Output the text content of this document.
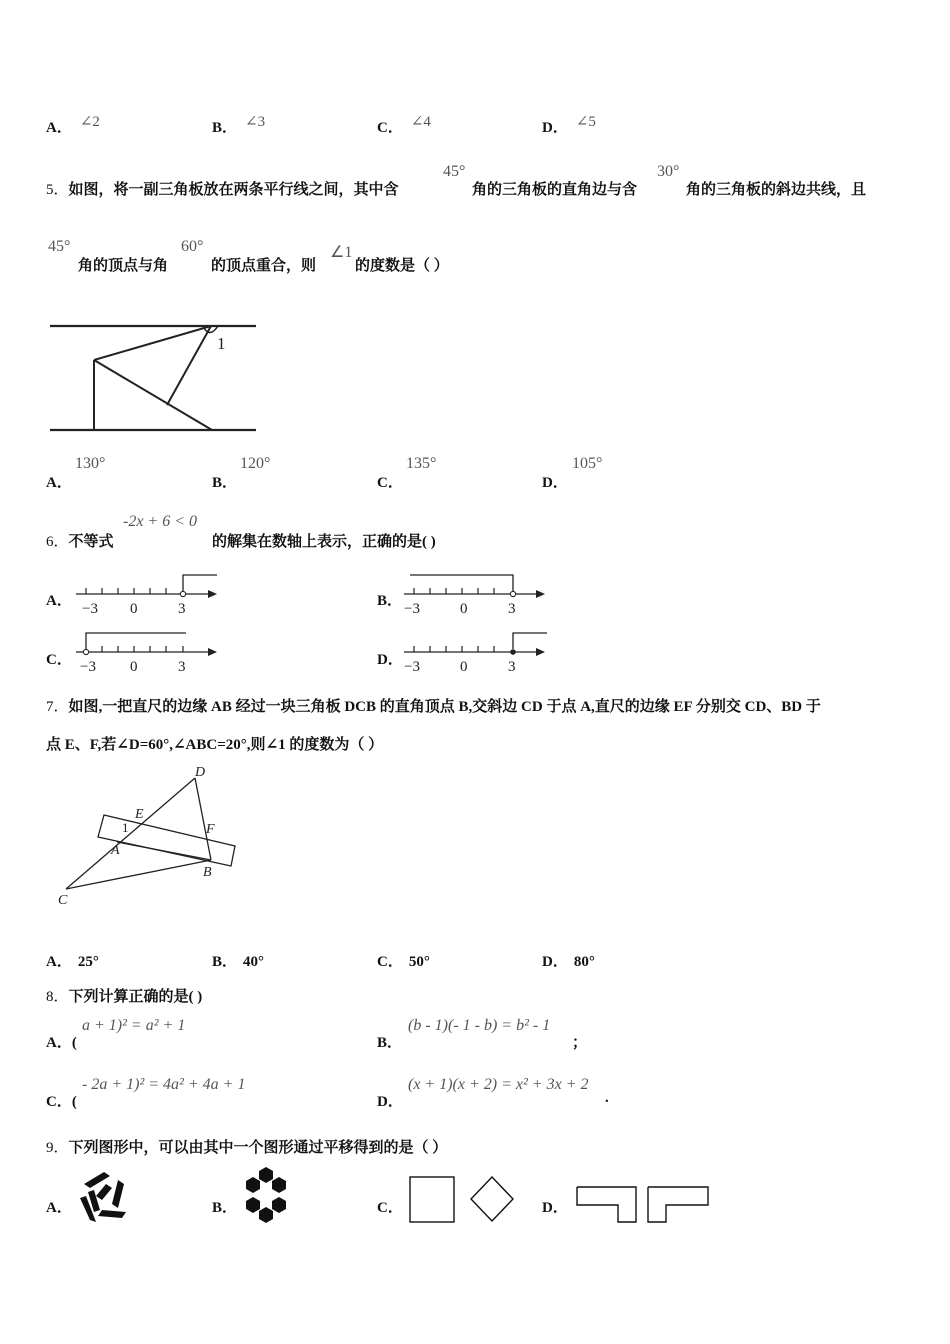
A． ∠2	B． ∠3	C． ∠4	D． ∠5
5．如图，将一副三角板放在两条平行线之间，其中含
45°
角的三角板的直角边与含
30°
角的三角板的斜边共线，且
45°
角的顶点与角
60°
的顶点重合，则
∠1
的度数是（ ）
1
A．
130°
B．
120°
C．
135°
D．
105°
6．不等式
-2x + 6 < 0
的解集在数轴上表示，正确的是( )
A． −3 0	3	B． −3	0	3
C． −3 0	3	D． −3	0	3
7．如图,一把直尺的边缘 AB 经过一块三角板 DCB 的直角顶点 B,交斜边 CD 于点 A,直尺的边缘 EF 分别交 CD、BD 于
点 E、F,若∠D=60°,∠ABC=20°,则∠1 的度数为（ ）
D
E
F
A
B
C
1
A． 25°	B． 40°	C． 50°	D． 80°
8．下列计算正确的是( )
A．(
a + 1)² = a² + 1
B．
(b - 1)(- 1 - b) = b² - 1
；
C．(
- 2a + 1)² = 4a² + 4a + 1
D．
(x + 1)(x + 2) = x² + 3x + 2
.
9．下列图形中，可以由其中一个图形通过平移得到的是（ ）
A．	B．	C．	D．
